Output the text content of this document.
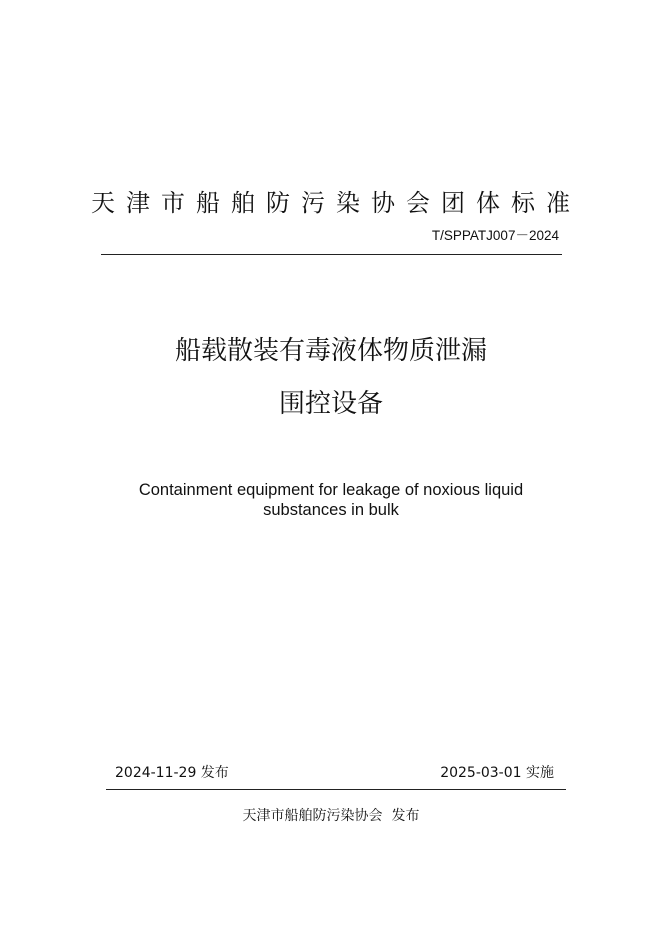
天津市船舶防污染协会团体标准
T/SPPATJ007－2024
船载散装有毒液体物质泄漏
围控设备
Containment equipment for leakage of noxious liquid
substances in bulk
2024-11-29 发布	2025-03-01 实施
天津市船舶防污染协会  发布
